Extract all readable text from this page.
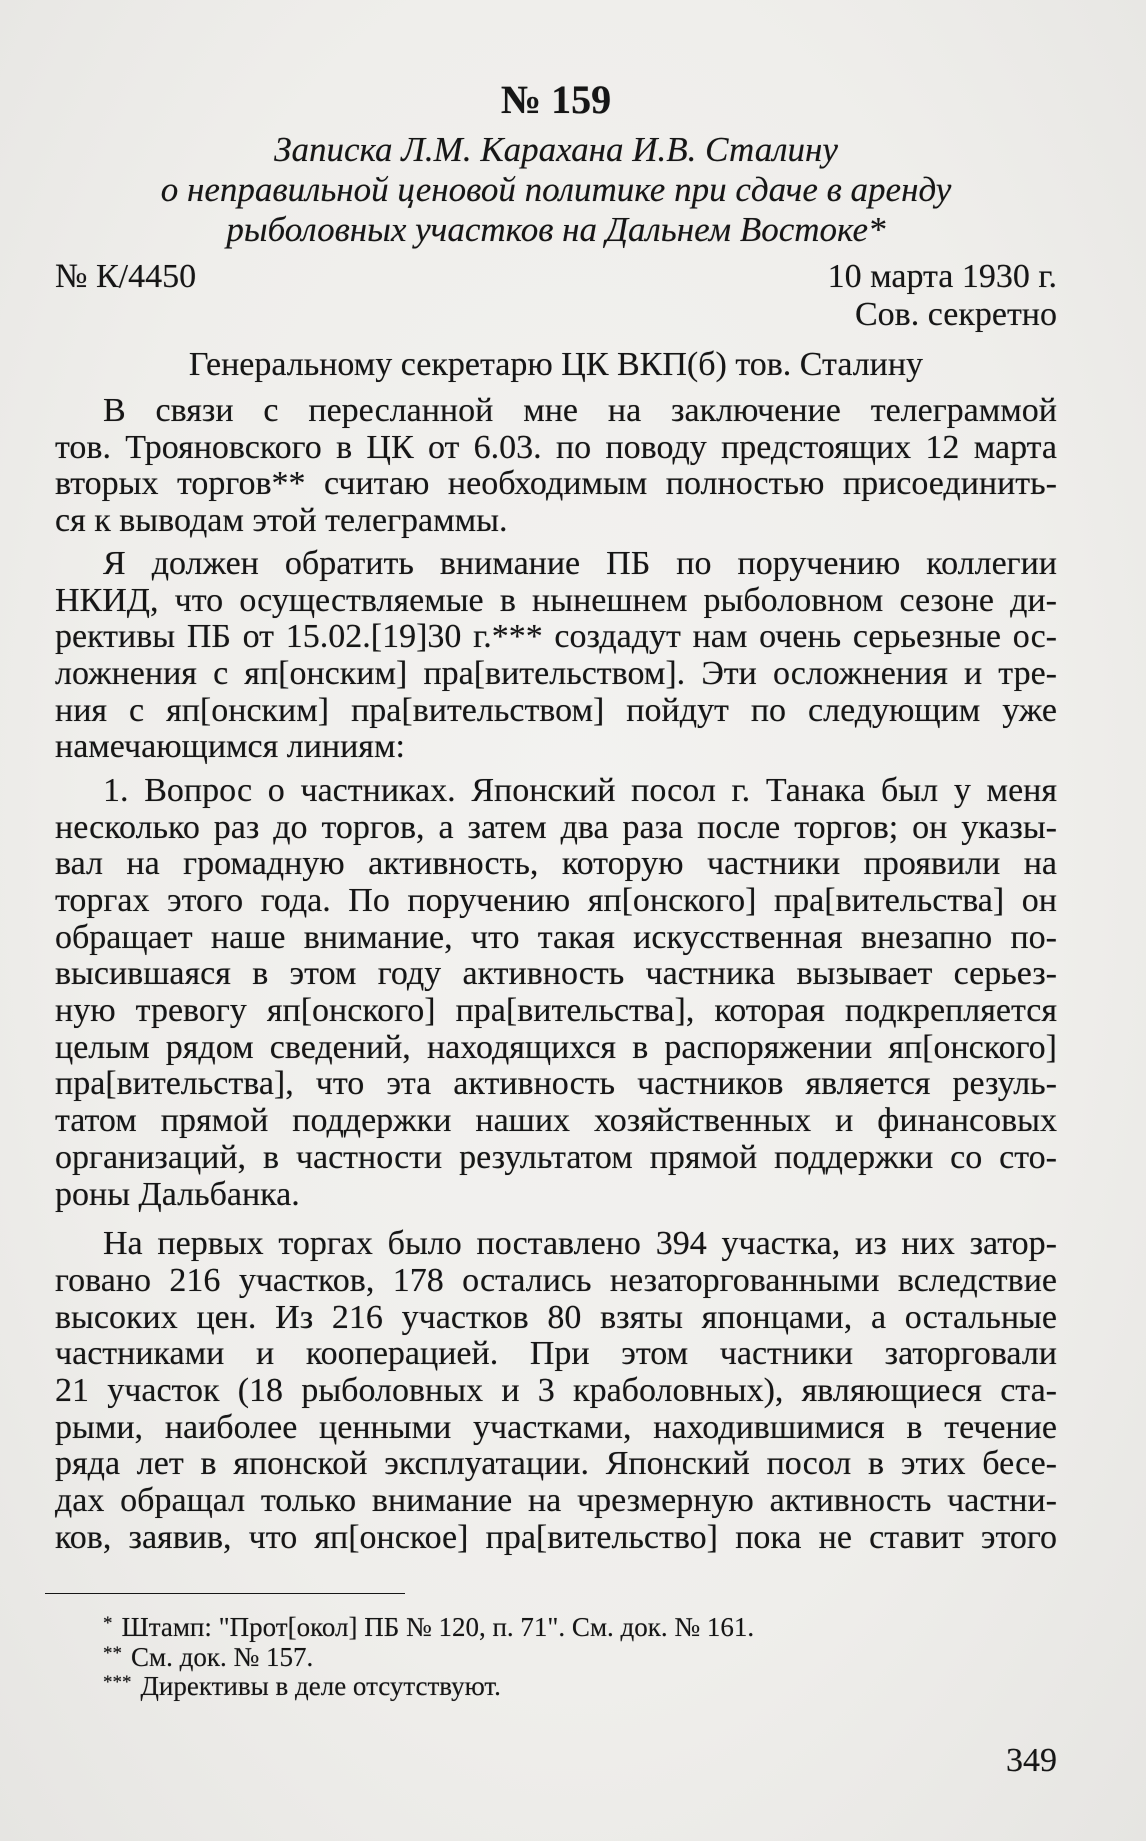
№ 159
Записка Л.М. Карахана И.В. Сталину
о неправильной ценовой политике при сдаче в аренду
рыболовных участков на Дальнем Востоке*
№ К/4450	10 марта 1930 г.
Сов. секретно
Генеральному секретарю ЦК ВКП(б) тов. Сталину
В связи с пересланной мне на заключение телеграммой
тов. Трояновского в ЦК от 6.03. по поводу предстоящих 12 марта
вторых торгов** считаю необходимым полностью присоединить-
ся к выводам этой телеграммы.
Я должен обратить внимание ПБ по поручению коллегии
НКИД, что осуществляемые в нынешнем рыболовном сезоне ди-
рективы ПБ от 15.02.[19]30 г.*** создадут нам очень серьезные ос-
ложнения с яп[онским] пра[вительством]. Эти осложнения и тре-
ния с яп[онским] пра[вительством] пойдут по следующим уже
намечающимся линиям:
1. Вопрос о частниках. Японский посол г. Танака был у меня
несколько раз до торгов, а затем два раза после торгов; он указы-
вал на громадную активность, которую частники проявили на
торгах этого года. По поручению яп[онского] пра[вительства] он
обращает наше внимание, что такая искусственная внезапно по-
высившаяся в этом году активность частника вызывает серьез-
ную тревогу яп[онского] пра[вительства], которая подкрепляется
целым рядом сведений, находящихся в распоряжении яп[онского]
пра[вительства], что эта активность частников является резуль-
татом прямой поддержки наших хозяйственных и финансовых
организаций, в частности результатом прямой поддержки со сто-
роны Дальбанка.
На первых торгах было поставлено 394 участка, из них затор-
говано 216 участков, 178 остались незаторгованными вследствие
высоких цен. Из 216 участков 80 взяты японцами, а остальные
частниками и кооперацией. При этом частники заторговали
21 участок (18 рыболовных и 3 краболовных), являющиеся ста-
рыми, наиболее ценными участками, находившимися в течение
ряда лет в японской эксплуатации. Японский посол в этих бесе-
дах обращал только внимание на чрезмерную активность частни-
ков, заявив, что яп[онское] пра[вительство] пока не ставит этого
* Штамп: "Прот[окол] ПБ № 120, п. 71". См. док. № 161.
** См. док. № 157.
*** Директивы в деле отсутствуют.
349
